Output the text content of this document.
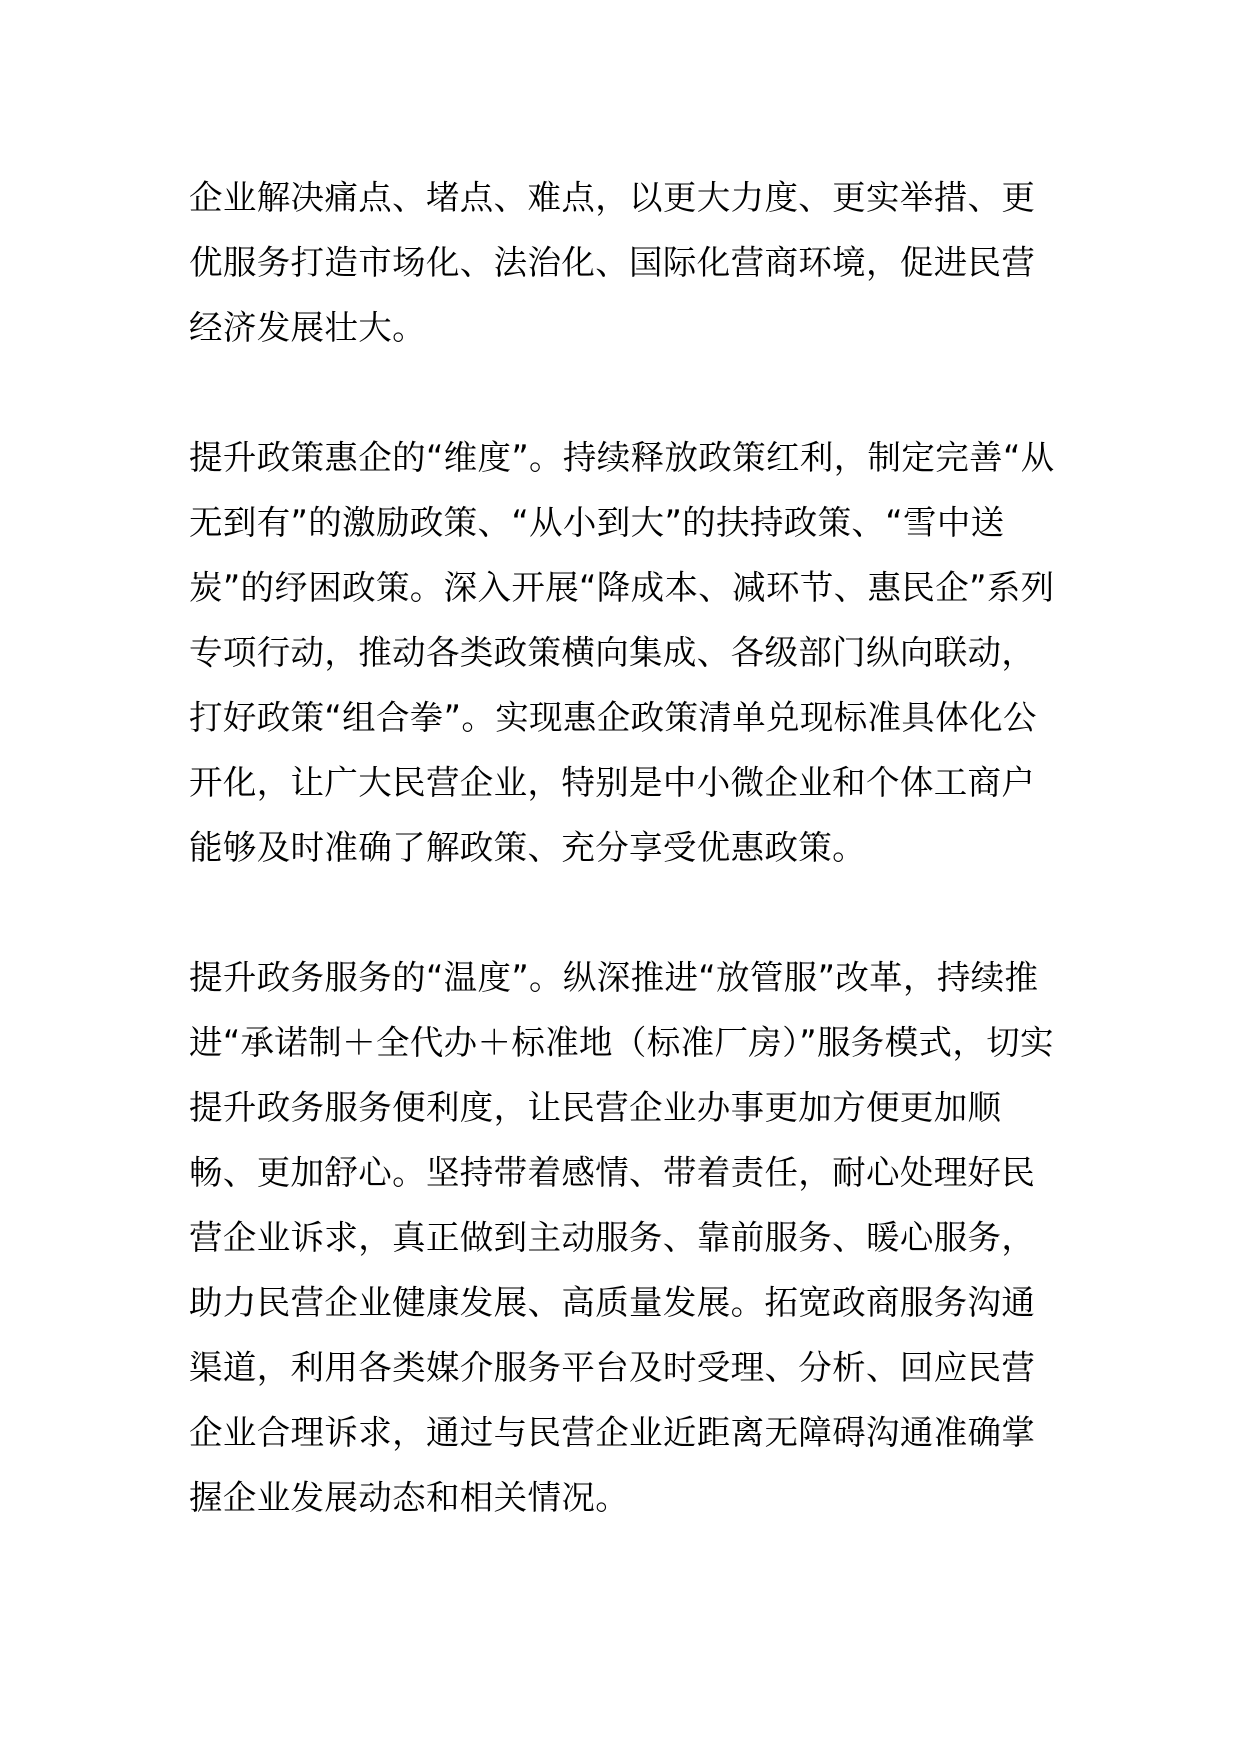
企业解决痛点、堵点、难点，以更大力度、更实举措、更优服务打造市场化、法治化、国际化营商环境，促进民营经济发展壮大。

提升政策惠企的“维度”。持续释放政策红利，制定完善“从无到有”的激励政策、“从小到大”的扶持政策、“雪中送炭”的纾困政策。深入开展“降成本、减环节、惠民企”系列专项行动，推动各类政策横向集成、各级部门纵向联动，打好政策“组合拳”。实现惠企政策清单兑现标准具体化公开化，让广大民营企业，特别是中小微企业和个体工商户能够及时准确了解政策、充分享受优惠政策。

提升政务服务的“温度”。纵深推进“放管服”改革，持续推进“承诺制＋全代办＋标准地（标准厂房）”服务模式，切实提升政务服务便利度，让民营企业办事更加方便更加顺畅、更加舒心。坚持带着感情、带着责任，耐心处理好民营企业诉求，真正做到主动服务、靠前服务、暖心服务，助力民营企业健康发展、高质量发展。拓宽政商服务沟通渠道，利用各类媒介服务平台及时受理、分析、回应民营企业合理诉求，通过与民营企业近距离无障碍沟通准确掌握企业发展动态和相关情况。
